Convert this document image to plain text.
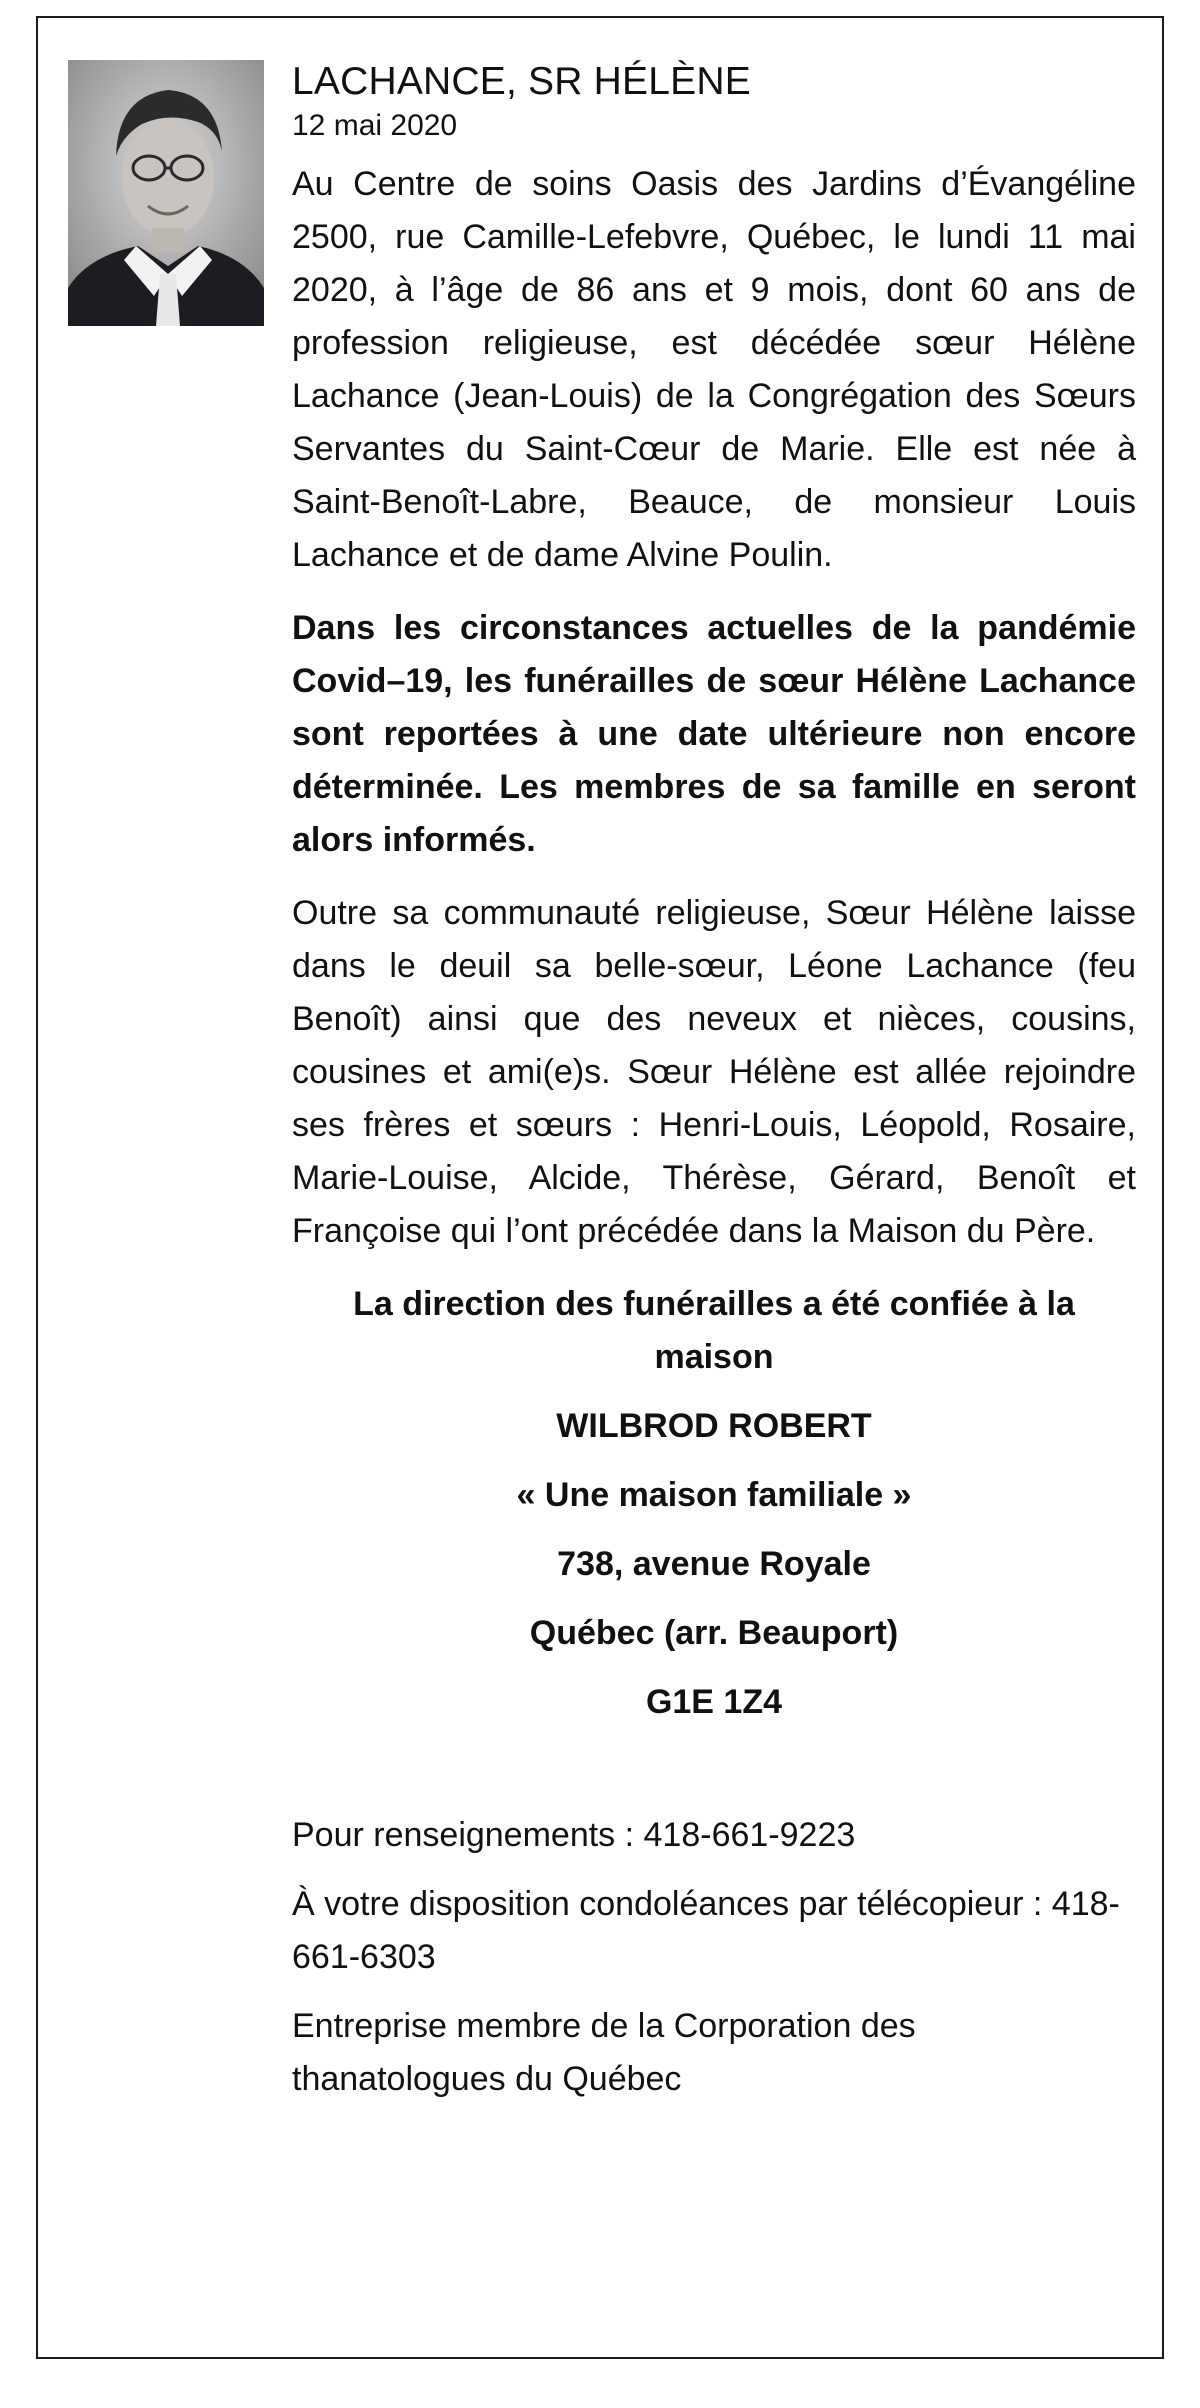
LACHANCE, SR HÉLÈNE
12 mai 2020

Au Centre de soins Oasis des Jardins d’Évangéline 2500, rue Camille-Lefebvre, Québec, le lundi 11 mai 2020, à l’âge de 86 ans et 9 mois, dont 60 ans de profession religieuse, est décédée sœur Hélène Lachance (Jean-Louis) de la Congrégation des Sœurs Servantes du Saint-Cœur de Marie. Elle est née à Saint-Benoît-Labre, Beauce, de monsieur Louis Lachance et de dame Alvine Poulin.

Dans les circonstances actuelles de la pandémie Covid–19, les funérailles de sœur Hélène Lachance sont reportées à une date ultérieure non encore déterminée. Les membres de sa famille en seront alors informés.

Outre sa communauté religieuse, Sœur Hélène laisse dans le deuil sa belle-sœur, Léone Lachance (feu Benoît) ainsi que des neveux et nièces, cousins, cousines et ami(e)s. Sœur Hélène est allée rejoindre ses frères et sœurs : Henri-Louis, Léopold, Rosaire, Marie-Louise, Alcide, Thérèse, Gérard, Benoît et Françoise qui l’ont précédée dans la Maison du Père.

La direction des funérailles a été confiée à la maison
WILBROD ROBERT
« Une maison familiale »
738, avenue Royale
Québec (arr. Beauport)
G1E 1Z4
Pour renseignements : 418-661-9223
À votre disposition condoléances par télécopieur : 418-661-6303
Entreprise membre de la Corporation des thanatologues du Québec
